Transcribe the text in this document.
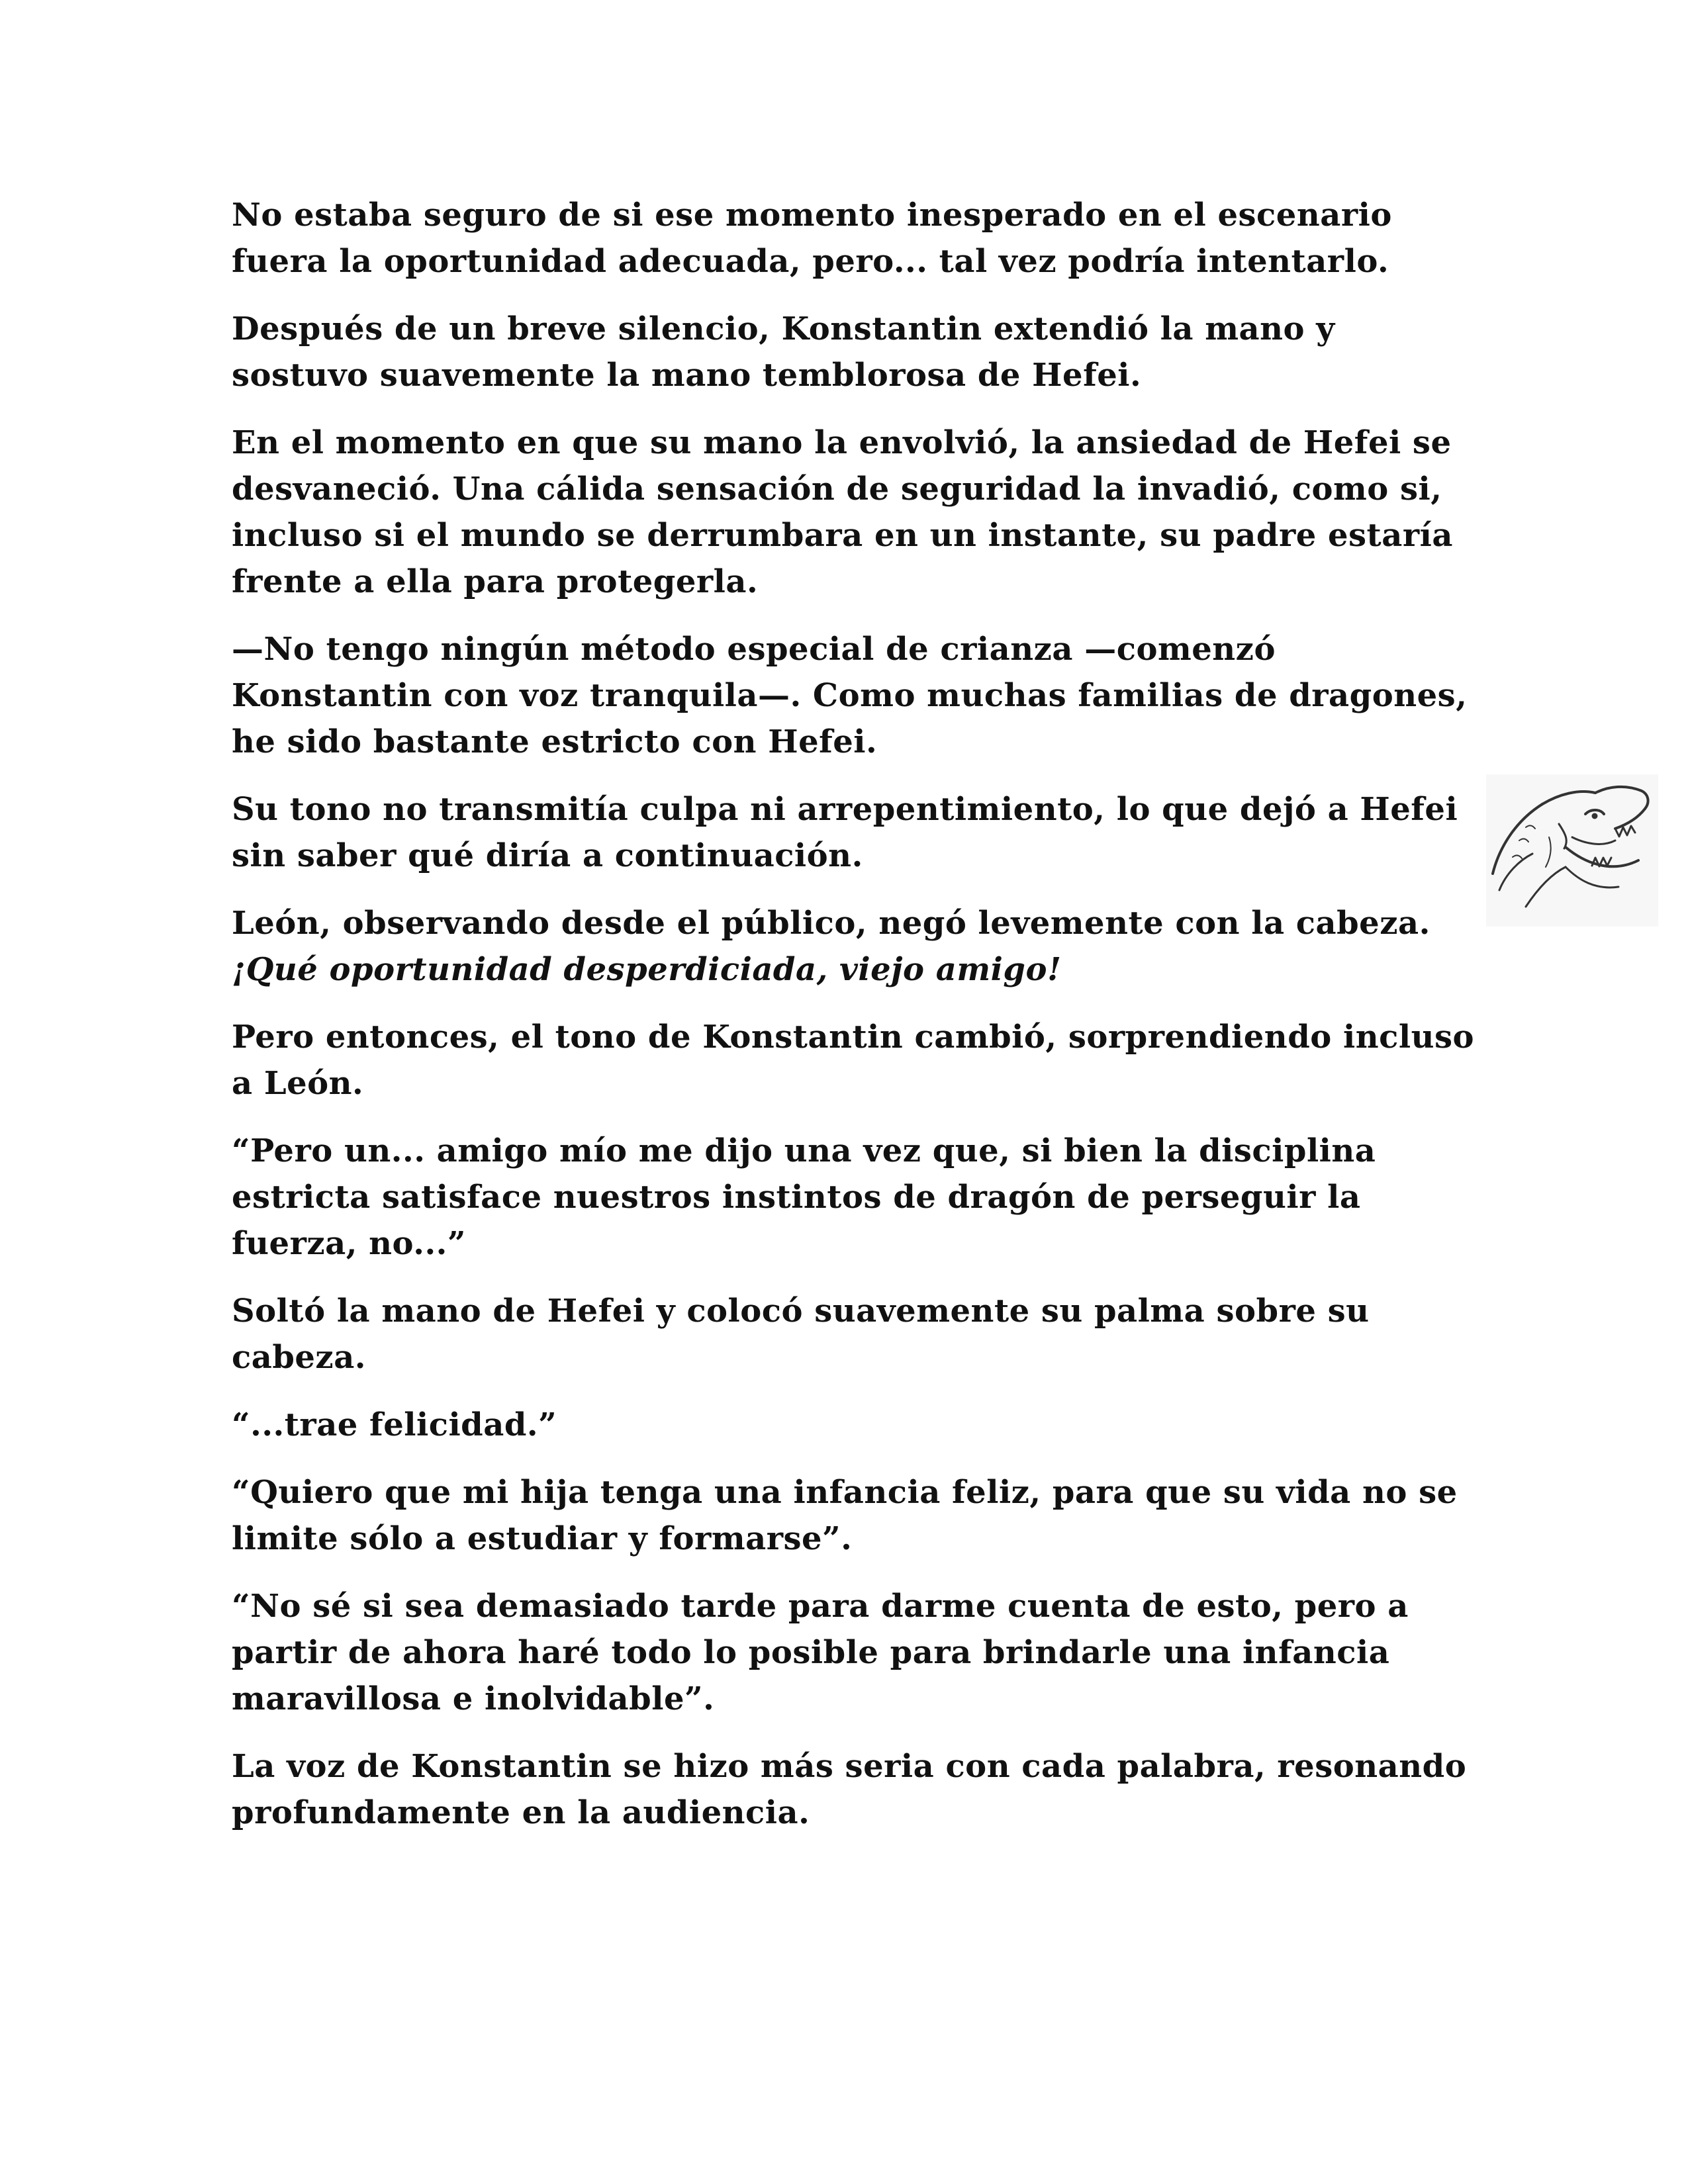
No estaba seguro de si ese momento inesperado en el escenario fuera la oportunidad adecuada, pero... tal vez podría intentarlo.

Después de un breve silencio, Konstantin extendió la mano y sostuvo suavemente la mano temblorosa de Hefei.

En el momento en que su mano la envolvió, la ansiedad de Hefei se desvaneció. Una cálida sensación de seguridad la invadió, como si, incluso si el mundo se derrumbara en un instante, su padre estaría frente a ella para protegerla.

—No tengo ningún método especial de crianza —comenzó Konstantin con voz tranquila—. Como muchas familias de dragones, he sido bastante estricto con Hefei.

Su tono no transmitía culpa ni arrepentimiento, lo que dejó a Hefei sin saber qué diría a continuación.

León, observando desde el público, negó levemente con la cabeza. ¡Qué oportunidad desperdiciada, viejo amigo!

Pero entonces, el tono de Konstantin cambió, sorprendiendo incluso a León.

“Pero un... amigo mío me dijo una vez que, si bien la disciplina estricta satisface nuestros instintos de dragón de perseguir la fuerza, no...”

Soltó la mano de Hefei y colocó suavemente su palma sobre su cabeza.

“...trae felicidad.”

“Quiero que mi hija tenga una infancia feliz, para que su vida no se limite sólo a estudiar y formarse”.

“No sé si sea demasiado tarde para darme cuenta de esto, pero a partir de ahora haré todo lo posible para brindarle una infancia maravillosa e inolvidable”.

La voz de Konstantin se hizo más seria con cada palabra, resonando profundamente en la audiencia.
